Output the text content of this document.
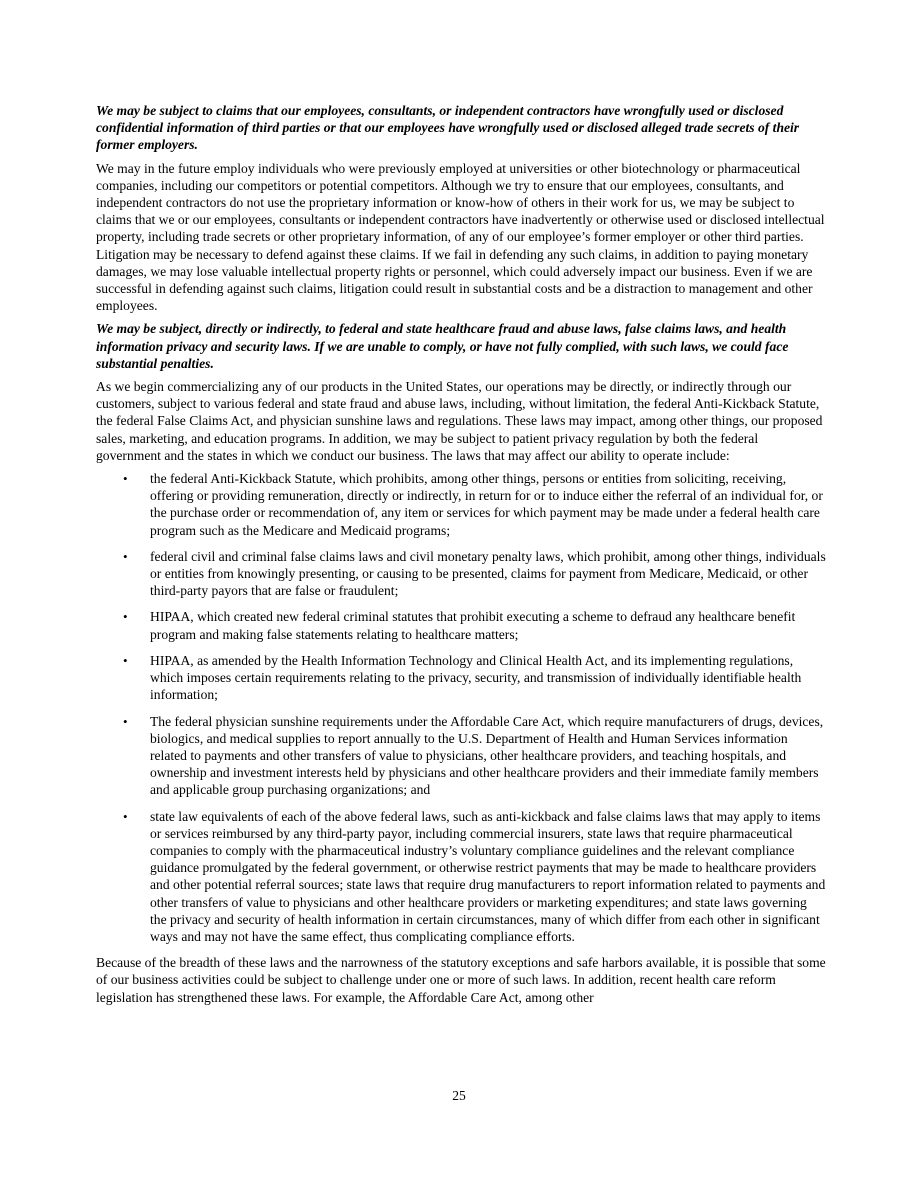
We may be subject to claims that our employees, consultants, or independent contractors have wrongfully used or disclosed confidential information of third parties or that our employees have wrongfully used or disclosed alleged trade secrets of their former employers.

We may in the future employ individuals who were previously employed at universities or other biotechnology or pharmaceutical companies, including our competitors or potential competitors. Although we try to ensure that our employees, consultants, and independent contractors do not use the proprietary information or know-how of others in their work for us, we may be subject to claims that we or our employees, consultants or independent contractors have inadvertently or otherwise used or disclosed intellectual property, including trade secrets or other proprietary information, of any of our employee’s former employer or other third parties. Litigation may be necessary to defend against these claims. If we fail in defending any such claims, in addition to paying monetary damages, we may lose valuable intellectual property rights or personnel, which could adversely impact our business. Even if we are successful in defending against such claims, litigation could result in substantial costs and be a distraction to management and other employees.

We may be subject, directly or indirectly, to federal and state healthcare fraud and abuse laws, false claims laws, and health information privacy and security laws. If we are unable to comply, or have not fully complied, with such laws, we could face substantial penalties.

As we begin commercializing any of our products in the United States, our operations may be directly, or indirectly through our customers, subject to various federal and state fraud and abuse laws, including, without limitation, the federal Anti-Kickback Statute, the federal False Claims Act, and physician sunshine laws and regulations. These laws may impact, among other things, our proposed sales, marketing, and education programs. In addition, we may be subject to patient privacy regulation by both the federal government and the states in which we conduct our business. The laws that may affect our ability to operate include:

• the federal Anti-Kickback Statute, which prohibits, among other things, persons or entities from soliciting, receiving, offering or providing remuneration, directly or indirectly, in return for or to induce either the referral of an individual for, or the purchase order or recommendation of, any item or services for which payment may be made under a federal health care program such as the Medicare and Medicaid programs;
• federal civil and criminal false claims laws and civil monetary penalty laws, which prohibit, among other things, individuals or entities from knowingly presenting, or causing to be presented, claims for payment from Medicare, Medicaid, or other third-party payors that are false or fraudulent;
• HIPAA, which created new federal criminal statutes that prohibit executing a scheme to defraud any healthcare benefit program and making false statements relating to healthcare matters;
• HIPAA, as amended by the Health Information Technology and Clinical Health Act, and its implementing regulations, which imposes certain requirements relating to the privacy, security, and transmission of individually identifiable health information;
• The federal physician sunshine requirements under the Affordable Care Act, which require manufacturers of drugs, devices, biologics, and medical supplies to report annually to the U.S. Department of Health and Human Services information related to payments and other transfers of value to physicians, other healthcare providers, and teaching hospitals, and ownership and investment interests held by physicians and other healthcare providers and their immediate family members and applicable group purchasing organizations; and
• state law equivalents of each of the above federal laws, such as anti-kickback and false claims laws that may apply to items or services reimbursed by any third-party payor, including commercial insurers, state laws that require pharmaceutical companies to comply with the pharmaceutical industry’s voluntary compliance guidelines and the relevant compliance guidance promulgated by the federal government, or otherwise restrict payments that may be made to healthcare providers and other potential referral sources; state laws that require drug manufacturers to report information related to payments and other transfers of value to physicians and other healthcare providers or marketing expenditures; and state laws governing the privacy and security of health information in certain circumstances, many of which differ from each other in significant ways and may not have the same effect, thus complicating compliance efforts.

Because of the breadth of these laws and the narrowness of the statutory exceptions and safe harbors available, it is possible that some of our business activities could be subject to challenge under one or more of such laws. In addition, recent health care reform legislation has strengthened these laws. For example, the Affordable Care Act, among other

25
